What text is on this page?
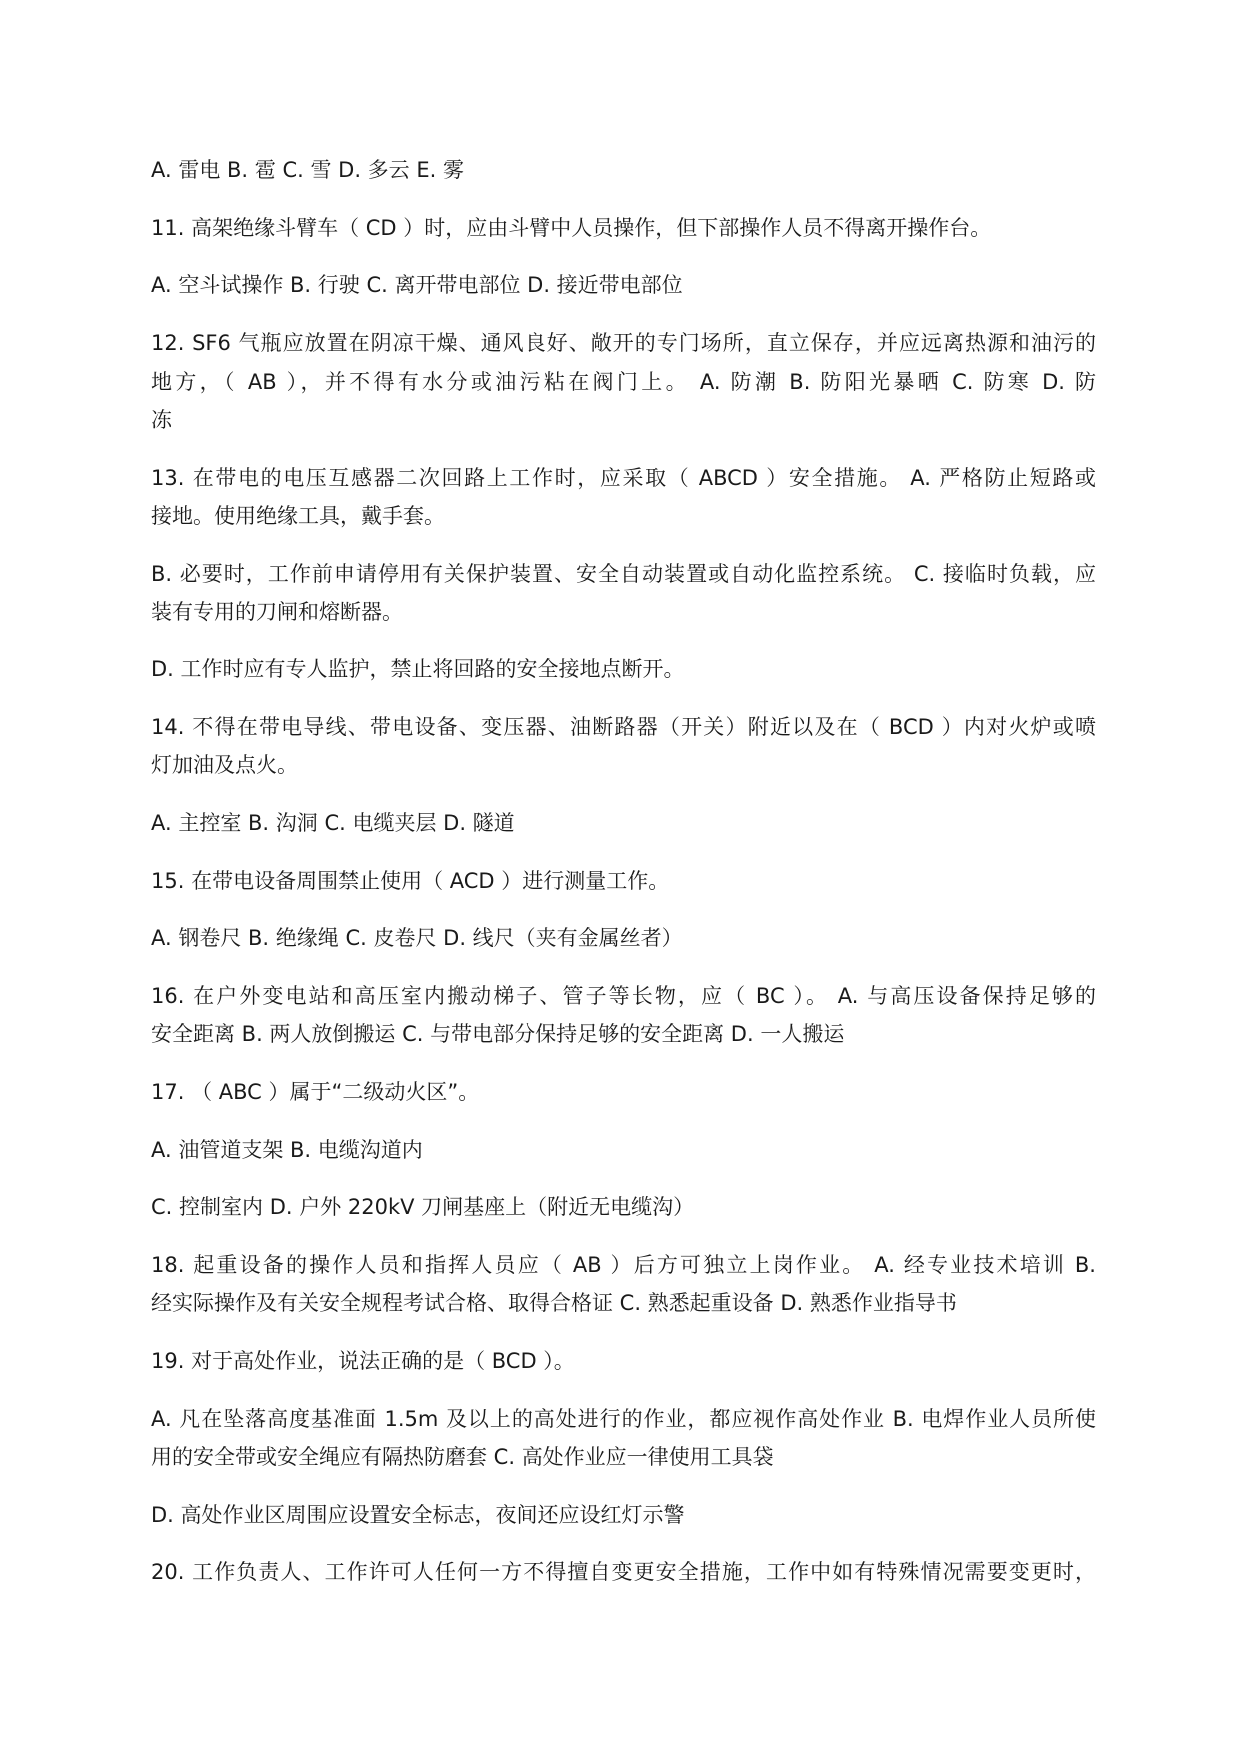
A. 雷电 B. 雹 C. 雪 D. 多云 E. 雾
11. 高架绝缘斗臂车（ CD ）时，应由斗臂中人员操作，但下部操作人员不得离开操作台。
A. 空斗试操作 B. 行驶 C. 离开带电部位 D. 接近带电部位
12. SF6 气瓶应放置在阴凉干燥、通风良好、敞开的专门场所，直立保存，并应远离热源和油污的
地方，（ AB ），并不得有水分或油污粘在阀门上。 A. 防潮 B. 防阳光暴晒 C. 防寒 D. 防
冻
13. 在带电的电压互感器二次回路上工作时，应采取（ ABCD ）安全措施。 A. 严格防止短路或
接地。使用绝缘工具，戴手套。
B. 必要时，工作前申请停用有关保护装置、安全自动装置或自动化监控系统。 C. 接临时负载，应
装有专用的刀闸和熔断器。
D. 工作时应有专人监护，禁止将回路的安全接地点断开。
14. 不得在带电导线、带电设备、变压器、油断路器（开关）附近以及在（ BCD ）内对火炉或喷
灯加油及点火。
A. 主控室 B. 沟洞 C. 电缆夹层 D. 隧道
15. 在带电设备周围禁止使用（ ACD ）进行测量工作。
A. 钢卷尺 B. 绝缘绳 C. 皮卷尺 D. 线尺（夹有金属丝者）
16. 在户外变电站和高压室内搬动梯子、管子等长物，应（ BC ）。 A. 与高压设备保持足够的
安全距离 B. 两人放倒搬运 C. 与带电部分保持足够的安全距离 D. 一人搬运
17. （ ABC ）属于“二级动火区”。
A. 油管道支架 B. 电缆沟道内
C. 控制室内 D. 户外 220kV 刀闸基座上（附近无电缆沟）
18. 起重设备的操作人员和指挥人员应（ AB ）后方可独立上岗作业。 A. 经专业技术培训 B.
经实际操作及有关安全规程考试合格、取得合格证 C. 熟悉起重设备 D. 熟悉作业指导书
19. 对于高处作业，说法正确的是（ BCD ）。
A. 凡在坠落高度基准面 1.5m 及以上的高处进行的作业，都应视作高处作业 B. 电焊作业人员所使
用的安全带或安全绳应有隔热防磨套 C. 高处作业应一律使用工具袋
D. 高处作业区周围应设置安全标志，夜间还应设红灯示警
20. 工作负责人、工作许可人任何一方不得擅自变更安全措施，工作中如有特殊情况需要变更时，
